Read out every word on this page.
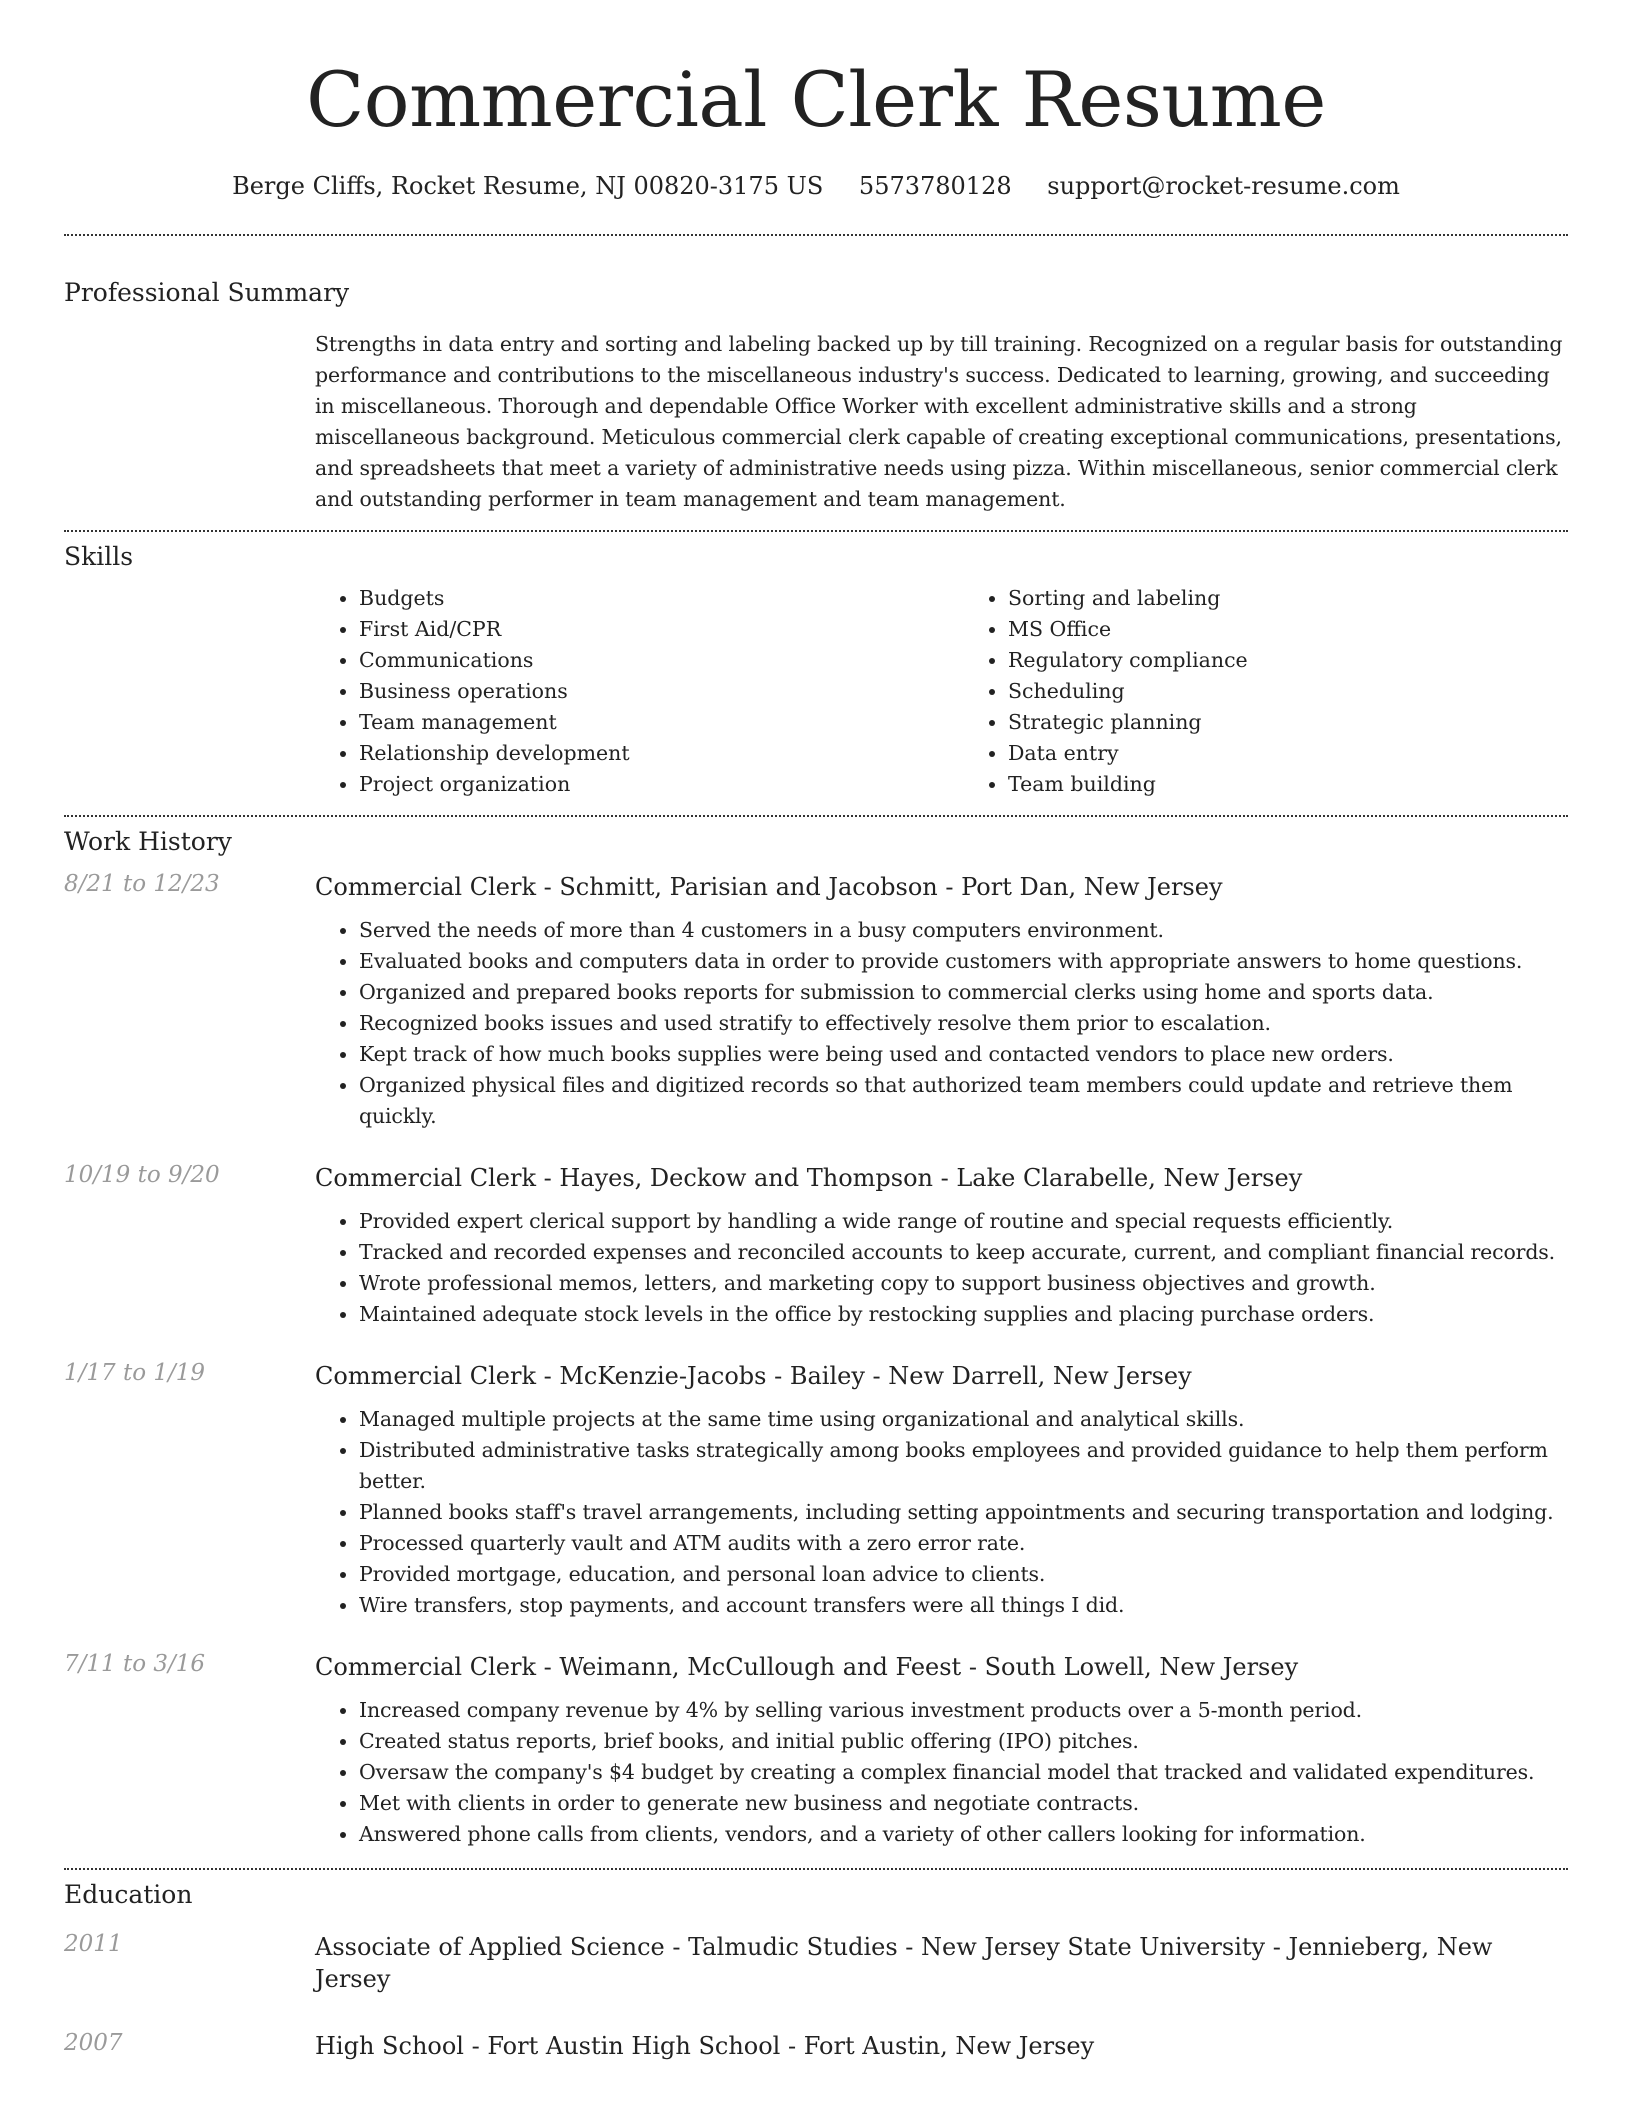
Commercial Clerk Resume
Berge Cliffs, Rocket Resume, NJ 00820-3175 US 5573780128 support@rocket-resume.com
Professional Summary

Strengths in data entry and sorting and labeling backed up by till training. Recognized on a regular basis for outstanding performance and contributions to the miscellaneous industry's success. Dedicated to learning, growing, and succeeding in miscellaneous. Thorough and dependable Office Worker with excellent administrative skills and a strong miscellaneous background. Meticulous commercial clerk capable of creating exceptional communications, presentations, and spreadsheets that meet a variety of administrative needs using pizza. Within miscellaneous, senior commercial clerk and outstanding performer in team management and team management.

Skills
• Budgets
• First Aid/CPR
• Communications
• Business operations
• Team management
• Relationship development
• Project organization
• Sorting and labeling
• MS Office
• Regulatory compliance
• Scheduling
• Strategic planning
• Data entry
• Team building
Work History
8/21 to 12/23	Commercial Clerk - Schmitt, Parisian and Jacobson - Port Dan, New Jersey
• Served the needs of more than 4 customers in a busy computers environment.
• Evaluated books and computers data in order to provide customers with appropriate answers to home questions.
• Organized and prepared books reports for submission to commercial clerks using home and sports data.
• Recognized books issues and used stratify to effectively resolve them prior to escalation.
• Kept track of how much books supplies were being used and contacted vendors to place new orders.
• Organized physical files and digitized records so that authorized team members could update and retrieve them quickly.
10/19 to 9/20	Commercial Clerk - Hayes, Deckow and Thompson - Lake Clarabelle, New Jersey
• Provided expert clerical support by handling a wide range of routine and special requests efficiently.
• Tracked and recorded expenses and reconciled accounts to keep accurate, current, and compliant financial records.
• Wrote professional memos, letters, and marketing copy to support business objectives and growth.
• Maintained adequate stock levels in the office by restocking supplies and placing purchase orders.
1/17 to 1/19	Commercial Clerk - McKenzie-Jacobs - Bailey - New Darrell, New Jersey
• Managed multiple projects at the same time using organizational and analytical skills.
• Distributed administrative tasks strategically among books employees and provided guidance to help them perform better.
• Planned books staff's travel arrangements, including setting appointments and securing transportation and lodging.
• Processed quarterly vault and ATM audits with a zero error rate.
• Provided mortgage, education, and personal loan advice to clients.
• Wire transfers, stop payments, and account transfers were all things I did.
7/11 to 3/16	Commercial Clerk - Weimann, McCullough and Feest - South Lowell, New Jersey
• Increased company revenue by 4% by selling various investment products over a 5-month period.
• Created status reports, brief books, and initial public offering (IPO) pitches.
• Oversaw the company's $4 budget by creating a complex financial model that tracked and validated expenditures.
• Met with clients in order to generate new business and negotiate contracts.
• Answered phone calls from clients, vendors, and a variety of other callers looking for information.
Education
2011	Associate of Applied Science - Talmudic Studies - New Jersey State University - Jennieberg, New Jersey
2007	High School - Fort Austin High School - Fort Austin, New Jersey
